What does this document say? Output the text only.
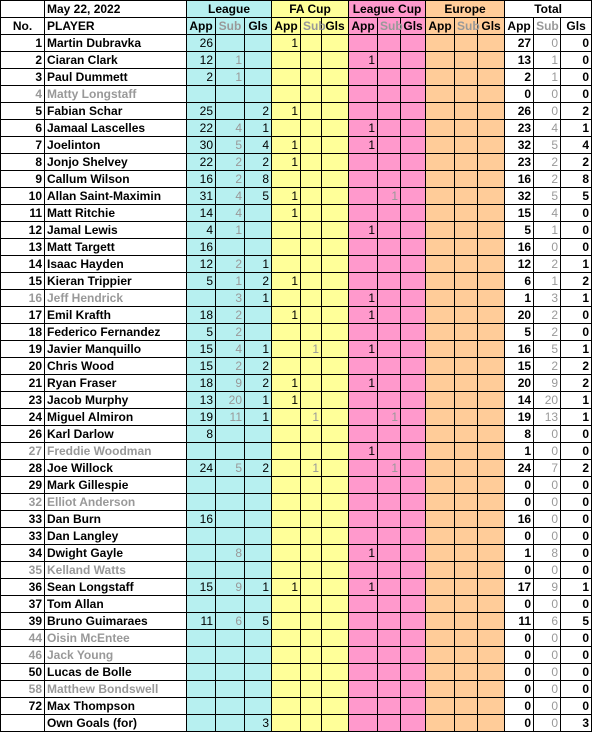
	May 22, 2022	League			FA Cup			League Cup			Europe			Total		
No.	PLAYER	App	Sub	Gls	App	Sub	Gls	App	Sub	Gls	App	Sub	Gls	App	Sub	Gls
1	Martin Dubravka	26			1									27	0	0
2	Ciaran Clark	12	1					1						13	1	0
3	Paul Dummett	2	1											2	1	0
4	Matty Longstaff													0	0	0
5	Fabian Schar	25		2	1									26	0	2
6	Jamaal Lascelles	22	4	1				1						23	4	1
7	Joelinton	30	5	4	1			1						32	5	4
8	Jonjo Shelvey	22	2	2	1									23	2	2
9	Callum Wilson	16	2	8										16	2	8
10	Allan Saint-Maximin	31	4	5	1				1					32	5	5
11	Matt Ritchie	14	4		1									15	4	0
12	Jamal Lewis	4	1					1						5	1	0
13	Matt Targett	16												16	0	0
14	Isaac Hayden	12	2	1										12	2	1
15	Kieran Trippier	5	1	2	1									6	1	2
16	Jeff Hendrick		3	1				1						1	3	1
17	Emil Krafth	18	2		1			1						20	2	0
18	Federico Fernandez	5	2											5	2	0
19	Javier Manquillo	15	4	1		1		1						16	5	1
20	Chris Wood	15	2	2										15	2	2
21	Ryan Fraser	18	9	2	1			1						20	9	2
23	Jacob Murphy	13	20	1	1									14	20	1
24	Miguel Almiron	19	11	1		1			1					19	13	1
26	Karl Darlow	8												8	0	0
27	Freddie Woodman							1						1	0	0
28	Joe Willock	24	5	2		1			1					24	7	2
29	Mark Gillespie													0	0	0
32	Elliot Anderson													0	0	0
33	Dan Burn	16												16	0	0
33	Dan Langley													0	0	0
34	Dwight Gayle		8					1						1	8	0
35	Kelland Watts													0	0	0
36	Sean Longstaff	15	9	1	1			1						17	9	1
37	Tom Allan													0	0	0
39	Bruno Guimaraes	11	6	5										11	6	5
44	Oisin McEntee													0	0	0
46	Jack Young													0	0	0
50	Lucas de Bolle													0	0	0
58	Matthew Bondswell													0	0	0
72	Max Thompson													0	0	0
	Own Goals (for)			3										0	0	3
